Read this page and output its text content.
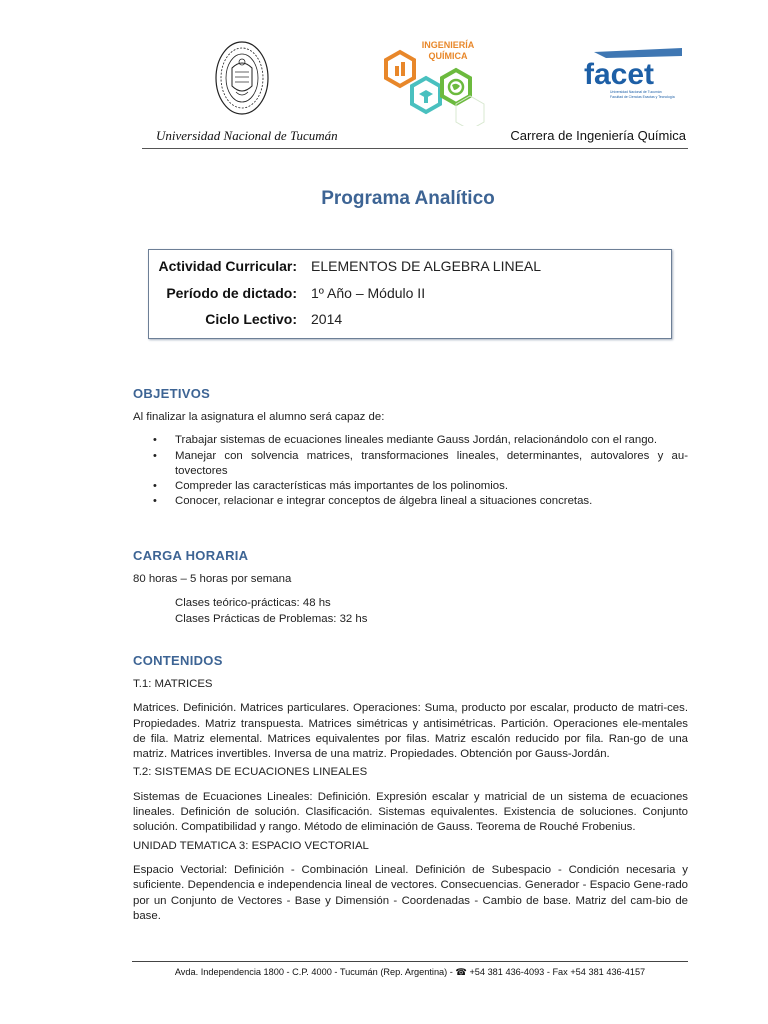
INGENIERÍA
QUÍMICA
facet
Universidad Nacional de Tucumán
Facultad de Ciencias Exactas y Tecnología
Universidad Nacional de Tucumán	Carrera de Ingeniería Química
Programa Analítico
Actividad Curricular: ELEMENTOS DE ALGEBRA LINEAL
Período de dictado: 1º Año – Módulo II
Ciclo Lectivo: 2014
OBJETIVOS
Al finalizar la asignatura el alumno será capaz de:
• Trabajar sistemas de ecuaciones lineales mediante Gauss Jordán, relacionándolo con el rango.
• Manejar con solvencia matrices, transformaciones lineales, determinantes, autovalores y au-tovectores
• Compreder las características más importantes de los polinomios.
• Conocer, relacionar e integrar conceptos de álgebra lineal a situaciones concretas.
CARGA HORARIA
80 horas – 5 horas por semana
Clases teórico-prácticas: 48 hs
Clases Prácticas de Problemas: 32 hs
CONTENIDOS
T.1: MATRICES
Matrices. Definición. Matrices particulares. Operaciones: Suma, producto por escalar, producto de matri-ces. Propiedades. Matriz transpuesta. Matrices simétricas y antisimétricas. Partición. Operaciones ele-mentales de fila. Matriz elemental. Matrices equivalentes por filas. Matriz escalón reducido por fila. Ran-go de una matriz. Matrices invertibles. Inversa de una matriz. Propiedades. Obtención por Gauss-Jordán.
T.2: SISTEMAS DE ECUACIONES LINEALES
Sistemas de Ecuaciones Lineales: Definición. Expresión escalar y matricial de un sistema de ecuaciones lineales. Definición de solución. Clasificación. Sistemas equivalentes. Existencia de soluciones. Conjunto solución. Compatibilidad y rango. Método de eliminación de Gauss. Teorema de Rouché Frobenius.
UNIDAD TEMATICA 3: ESPACIO VECTORIAL
Espacio Vectorial: Definición - Combinación Lineal. Definición de Subespacio - Condición necesaria y suficiente. Dependencia e independencia lineal de vectores. Consecuencias. Generador - Espacio Gene-rado por un Conjunto de Vectores - Base y Dimensión - Coordenadas - Cambio de base. Matriz del cam-bio de base.
Avda. Independencia 1800 - C.P. 4000 - Tucumán (Rep. Argentina) - ☎ +54 381 436-4093 - Fax +54 381 436-4157
